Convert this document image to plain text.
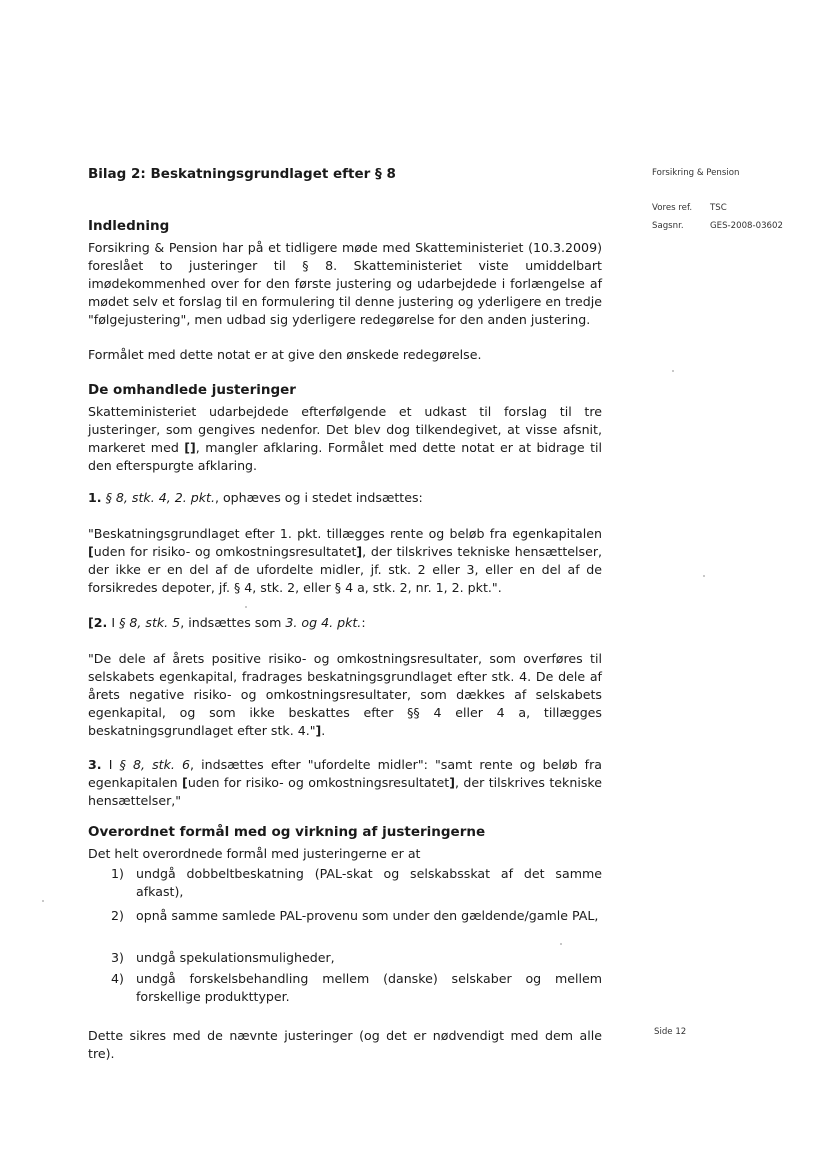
Forsikring & Pension
Vores ref. TSC
Sagsnr.	GES-2008-03602
Side 12
Bilag 2: Beskatningsgrundlaget efter § 8
Indledning

Forsikring & Pension har på et tidligere møde med Skatteministeriet (10.3.2009) foreslået to justeringer til § 8. Skatteministeriet viste umiddelbart imødekommenhed over for den første justering og udarbejdede i forlængelse af mødet selv et forslag til en formulering til denne justering og yderligere en tredje "følgejustering", men udbad sig yderligere redegørelse for den anden justering.

Formålet med dette notat er at give den ønskede redegørelse.

De omhandlede justeringer

Skatteministeriet udarbejdede efterfølgende et udkast til forslag til tre justeringer, som gengives nedenfor. Det blev dog tilkendegivet, at visse afsnit, markeret med [], mangler afklaring. Formålet med dette notat er at bidrage til den efterspurgte afklaring.

1. § 8, stk. 4, 2. pkt., ophæves og i stedet indsættes:

"Beskatningsgrundlaget efter 1. pkt. tillægges rente og beløb fra egenkapitalen [uden for risiko- og omkostningsresultatet], der tilskrives tekniske hensættelser, der ikke er en del af de ufordelte midler, jf. stk. 2 eller 3, eller en del af de forsikredes depoter, jf. § 4, stk. 2, eller § 4 a, stk. 2, nr. 1, 2. pkt.".

[2. I § 8, stk. 5, indsættes som 3. og 4. pkt.:

"De dele af årets positive risiko- og omkostningsresultater, som overføres til selskabets egenkapital, fradrages beskatningsgrundlaget efter stk. 4. De dele af årets negative risiko- og omkostningsresultater, som dækkes af selskabets egenkapital, og som ikke beskattes efter §§ 4 eller 4 a, tillægges beskatningsgrundlaget efter stk. 4."].

3. I § 8, stk. 6, indsættes efter "ufordelte midler": "samt rente og beløb fra egenkapitalen [uden for risiko- og omkostningsresultatet], der tilskrives tekniske hensættelser,"

Overordnet formål med og virkning af justeringerne

Det helt overordnede formål med justeringerne er at

1) undgå dobbeltbeskatning (PAL-skat og selskabsskat af det samme afkast),
2) opnå samme samlede PAL-provenu som under den gældende/gamle PAL,
3) undgå spekulationsmuligheder,
4) undgå forskelsbehandling mellem (danske) selskaber og mellem forskellige produkttyper.

Dette sikres med de nævnte justeringer (og det er nødvendigt med dem alle tre).
